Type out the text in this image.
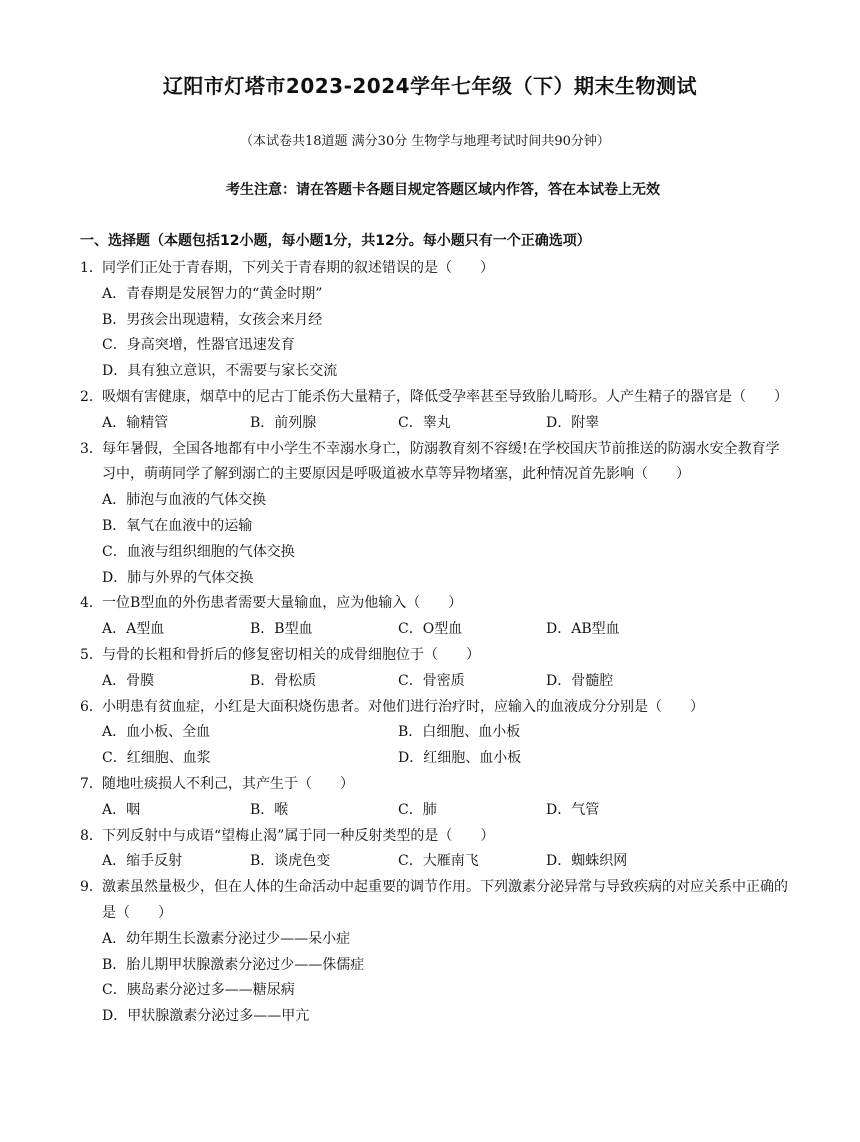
辽阳市灯塔市2023-2024学年七年级（下）期末生物测试
（本试卷共18道题 满分30分 生物学与地理考试时间共90分钟）
考生注意：请在答题卡各题目规定答题区域内作答，答在本试卷上无效
一、选择题（本题包括12小题，每小题1分，共12分。每小题只有一个正确选项）
1． 同学们正处于青春期，下列关于青春期的叙述错误的是（　　）
A．青春期是发展智力的“黄金时期”
B．男孩会出现遗精，女孩会来月经
C．身高突增，性器官迅速发育
D．具有独立意识，不需要与家长交流
2． 吸烟有害健康，烟草中的尼古丁能杀伤大量精子，降低受孕率甚至导致胎儿畸形。人产生精子的器官是（　　）
A．输精管	B．前列腺	C．睾丸	D．附睾
3． 每年暑假，全国各地都有中小学生不幸溺水身亡，防溺教育刻不容缓!在学校国庆节前推送的防溺水安全教育学习中，萌萌同学了解到溺亡的主要原因是呼吸道被水草等异物堵塞，此种情况首先影响（　　）
A．肺泡与血液的气体交换
B．氧气在血液中的运输
C．血液与组织细胞的气体交换
D．肺与外界的气体交换
4． 一位B型血的外伤患者需要大量输血，应为他输入（　　）
A．A型血	B．B型血	C．O型血	D．AB型血
5． 与骨的长粗和骨折后的修复密切相关的成骨细胞位于（　　）
A．骨膜	B．骨松质	C．骨密质	D．骨髓腔
6． 小明患有贫血症，小红是大面积烧伤患者。对他们进行治疗时，应输入的血液成分分别是（　　）
A．血小板、全血	B．白细胞、血小板
C．红细胞、血浆	D．红细胞、血小板
7． 随地吐痰损人不利己，其产生于（　　）
A．咽	B．喉	C．肺	D．气管
8． 下列反射中与成语“望梅止渴”属于同一种反射类型的是（　　）
A．缩手反射	B．谈虎色变	C．大雁南飞	D．蜘蛛织网
9． 激素虽然量极少，但在人体的生命活动中起重要的调节作用。下列激素分泌异常与导致疾病的对应关系中正确的是（　　）
A．幼年期生长激素分泌过少——呆小症
B．胎儿期甲状腺激素分泌过少——侏儒症
C．胰岛素分泌过多——糖尿病
D．甲状腺激素分泌过多——甲亢
